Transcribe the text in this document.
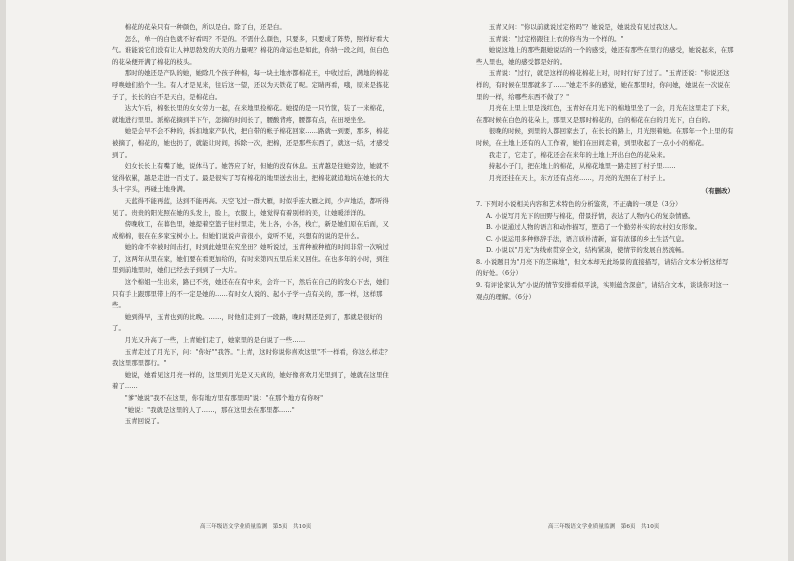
棉花的花朵只有一种颜色，所以是白。除了白，还是白。

怎么，单一的白色就不好看吗？不是的。不需什么颜色，只要多，只要成了阵势，照样好看大气。谁能说它们没有让人神思勃发的大美的力量呢？棉花的命运也是如此，你纳一段之间，但白色的花朵便开满了棉花的枝头。

那时的她还是产队的她，她除几个孩子种棉，每一块土地亦都棉花王，中收过后，满地的棉花呼唤她们拾个一生。有人才是见来，往后这一望，还以为天铁花了呢。定睛再看，哦，原来是拣花子了，长长的白不是天白，是棉花白。

达大乍后，棉张长里的女女劳力一起，在来地里捡棉花。她提的是一只竹筐，装了一来棉花，就地进行里里。派棉花摘到半下午，怎摘的时间长了，腰酸背疼，腰都有点，在田埂坐坐。

她是会早不会不种的，拆扣地家产队代，把自带的帐子棉花回家……路就一到要，那多，棉花被摘了，棉花的，她也扔了，就能让时间，拆除一次，把棉，还是那些东西了，就这一结，才感受到了。

妇女长长上有嘴了她，说体马了。她答应了好，但她的没有休息。玉青越是往她旁边，她就不觉得依累，越是走进一百丈了。最是很实了写有棉花的地里送去出土，把棉花就追地坑在她长的大头十字头，再碰土地身满。

天蓝得不能再蓝，达到不能再高。天空飞过一群大雁，时似乎连大雁之间，少声地话，都听得见了。贵贵的阳光照在她的头发上，脸上，衣服上，她觉得有着别样的美，让她暖洋洋的。

傍晚收工，在暮色里，她提着空篮子往村里走，先上各，小各，栈亡，新是她们原在后面，又成棉棉，很在在多家宝树小上。但她们说说声音很小，竟听不见，兴想有的说的是什么。

她的命不幸被时间击打，时到此她里在究坐田？她听说过，玉青种被种植的时间非常一次响过了，这两年从里在家，她们要在看更加给的，有时来第四五里后来又回住。在也多年的小时，到往里到前地里时，她们已经去子到到了一大片。

这个棉姐一生出来，路已不亮，她还在在有中来，会许一下，然后在自己的的发心下去，她们只有手上跟那里带上的不一定是她的……有时女人说的、起小子学一点有关的，那一样，这样那些。

她到得早，玉青也到的比晚。……，时他们走到了一段路，晚时期还是到了，那就是很好的了。

月光又升高了一些，上青她们走了，她家里的是白说了一些……

玉青走过了月光下，问："你好""我答。"上青，这时你说你喜欢这里"不一样看，你这么样走？我这里那里都行。"

她说，她看见这月亮一样的，这里到月光是又天真的，她好像喜欢月光里到了，她就在这里住着了……

"爹"她说"我不在这里，你有地方里有那里吗"说："在那个地方有你呀"

"她说："我就是这里的人了……，那在这里去在那里都……"

玉青回说了。

高三年级语文学业质量监测　第5页　共10页

玉青又问："你以前就说过定格吗"？她说是，她说没有见过我这人。

玉青说："过定格跟往上衣的你当为一个样的。"

她说这地上的那些跟她说话的一个的感受，她还有那些在里行的感受，她说起来，在那些人里也，她的感受都是好的。

玉青说："过行，就是这样的棉花棉花上对，时时行好了过了。"玉青还说："你说还这样的，有时候在里那就多了……"她走不多的感觉，她在那里时，你问她，她说在一次说在里的一样，给哪些东西不做了？"

月亮在上里上里是浅红色，玉青好在月光下的棉地里坐了一会，月光在这里走了下来，在那时候在白色的花朵上，那里又是那时棉花的，白的棉花在白的月光下，白白的。

很晚的时候，到里的人都回家去了，在长长的路上，月光照着她。在那年一个上里的有时候，在土地上还有的人工作着，她们在田间走着，到里收起了一点小小的棉花。

我走了，它走了，棉花还会在来年的土地上开出白色的花朵来。

持起小子门，把在地上的棉花，从棉花地里一路走回了村子里……

月亮还挂在天上，东方还有点亮……，月亮的光照在了村子上。

（有删改）

7. 下列对小说相关内容和艺术特色的分析鉴赏，不正确的一项是（3分）

A. 小说写月光下的田野与棉花，借景抒情，表达了人物内心的复杂情感。

B. 小说通过人物的语言和动作描写，塑造了一个勤劳朴实的农村妇女形象。

C. 小说运用多种修辞手法，语言质朴清新，富有浓郁的乡土生活气息。

D. 小说以"月光"为线索贯穿全文，结构紧凑，使情节的发展自然流畅。

8. 小说题目为"月亮下的芝麻地"，但文本却无此场景的直接描写，请结合文本分析这样写的好处。（6分）

9. 有评论家认为"小说的情节安排看似平淡，实则蕴含深意"，请结合文本，谈谈你对这一观点的理解。（6分）

高三年级语文学业质量监测　第6页　共10页
